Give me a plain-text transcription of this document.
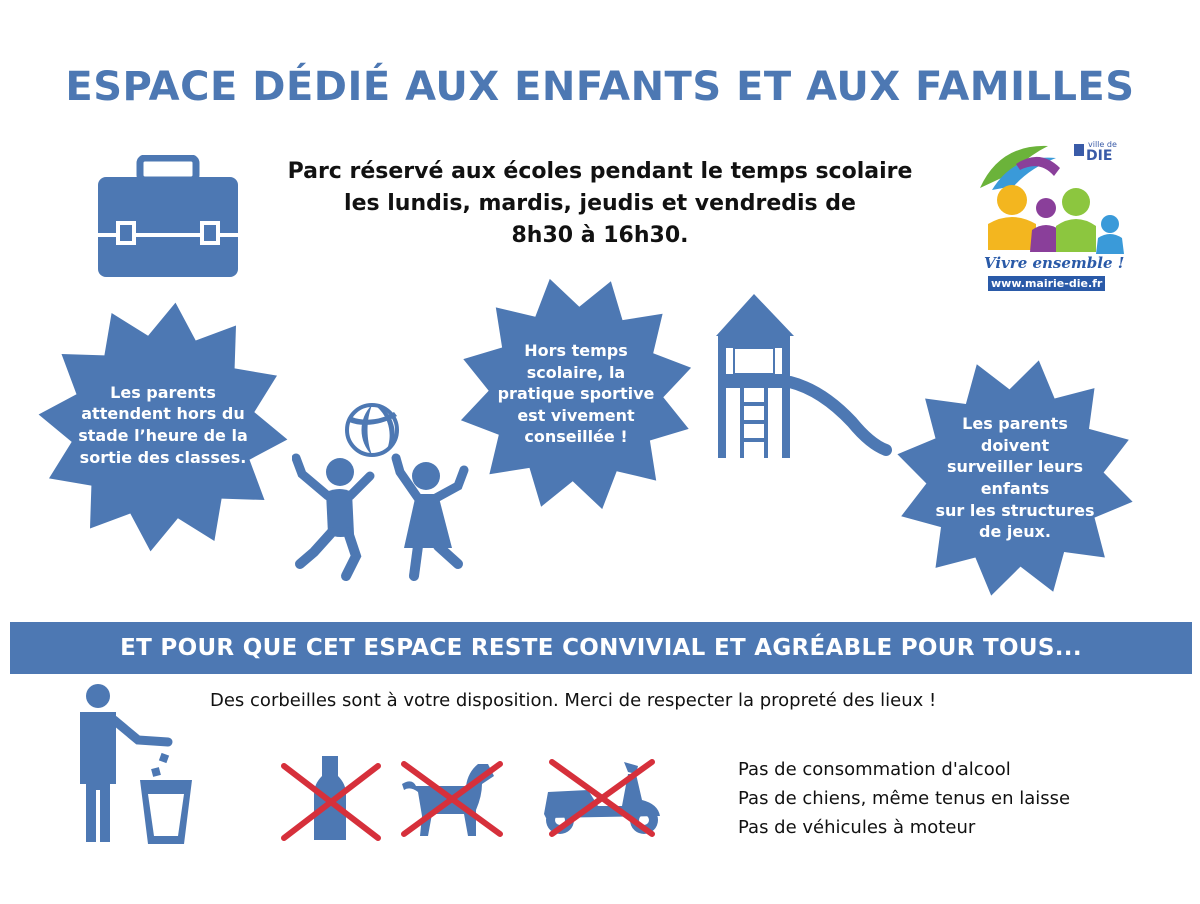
ESPACE DÉDIÉ AUX ENFANTS ET AUX FAMILLES
Parc réservé aux écoles pendant le temps scolaire
les lundis, mardis, jeudis et vendredis de
8h30 à 16h30.
Les parents
attendent hors du
stade l’heure de la
sortie des classes.
Hors temps
scolaire, la
pratique sportive
est vivement
conseillée !
Les parents
doivent
surveiller leurs
enfants
sur les structures
de jeux.
ville de
DIE
Vivre ensemble !
www.mairie-die.fr
ET POUR QUE CET ESPACE RESTE CONVIVIAL ET AGRÉABLE POUR TOUS...
Des corbeilles sont à votre disposition. Merci de respecter la propreté des lieux !
Pas de consommation d'alcool
Pas de chiens, même tenus en laisse
Pas de véhicules à moteur
